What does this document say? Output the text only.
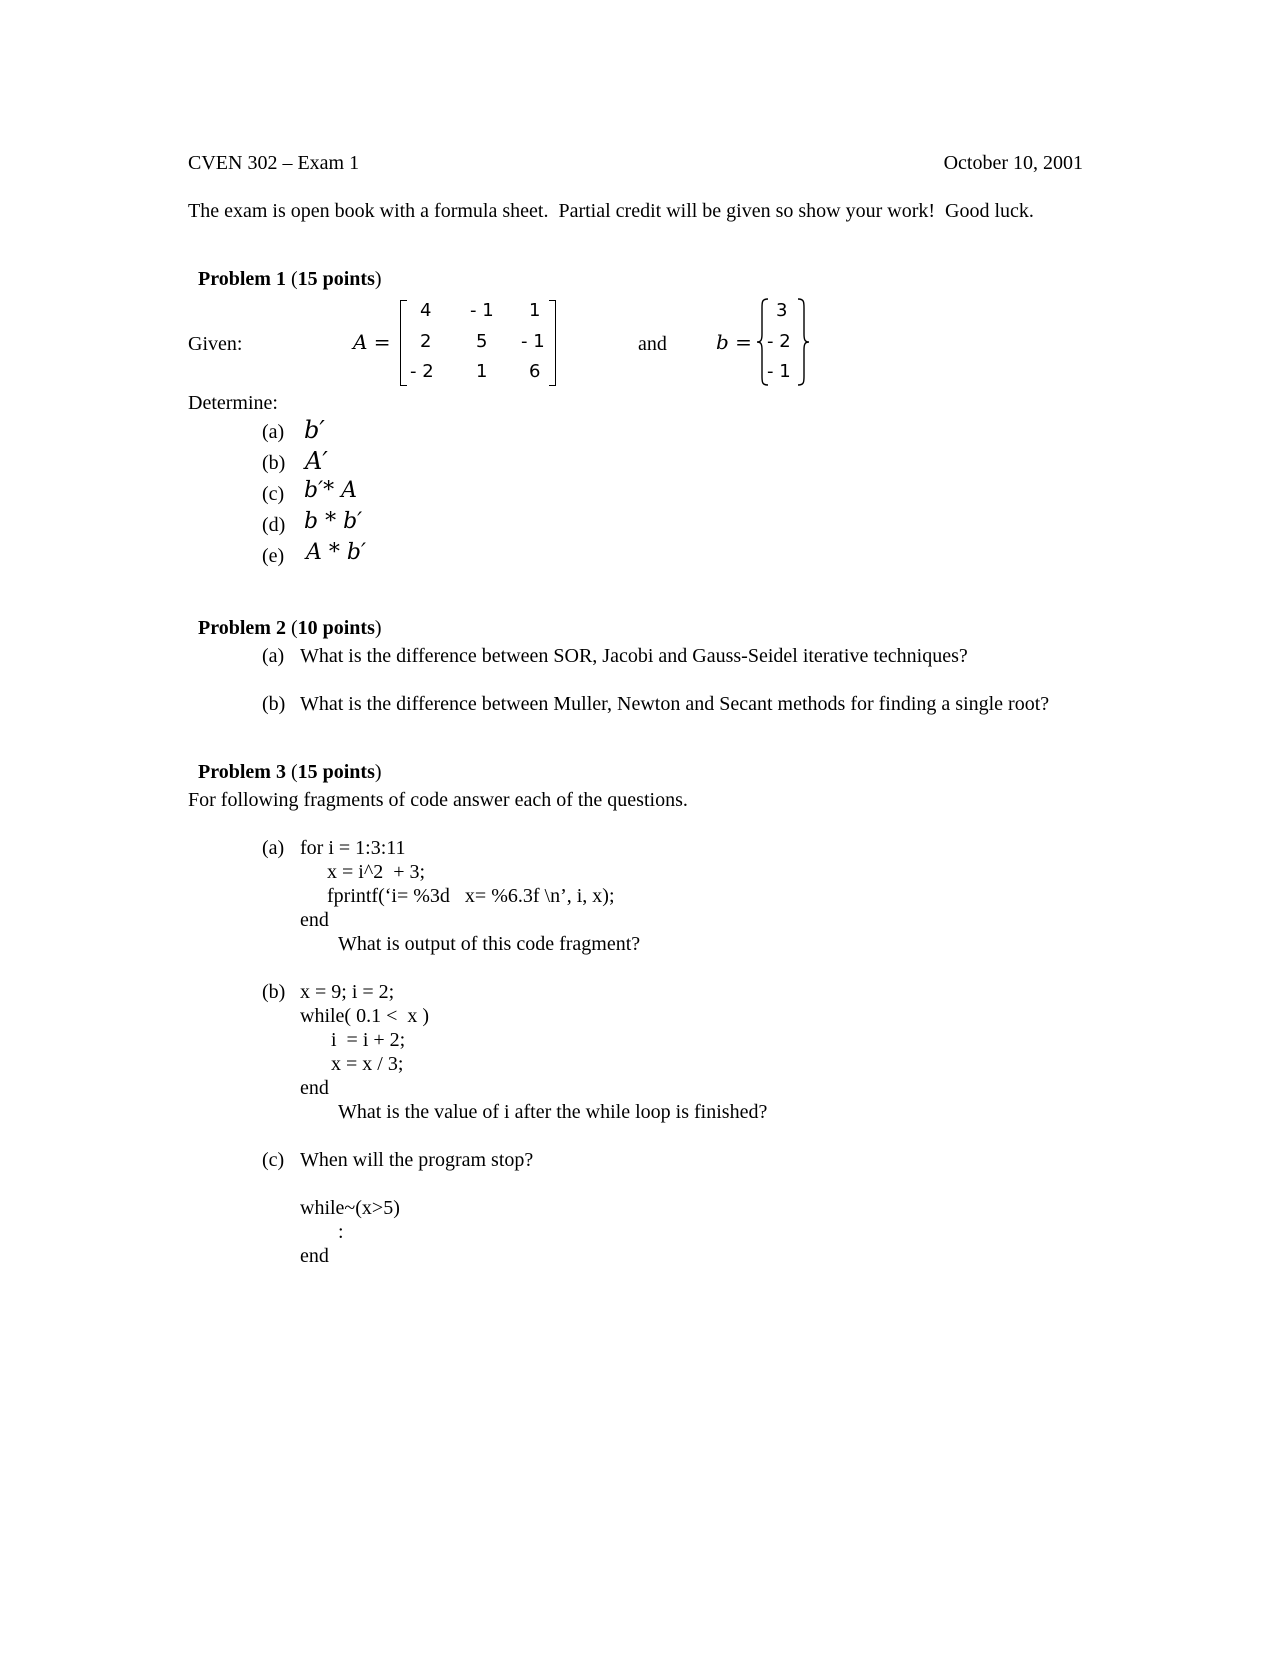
CVEN 302 – Exam 1	October 10, 2001
The exam is open book with a formula sheet.  Partial credit will be given so show your work!  Good luck.

Problem 1 (15 points)

Given:	A =
4 - 1 1
2 5 - 1
- 2 1 6
and b =
3
- 2
- 1
Determine:
(a) b′
(b) A′
(c) b′* A
(d) b * b′
(e) A * b′

Problem 2 (10 points)

(a) What is the difference between SOR, Jacobi and Gauss-Seidel iterative techniques?
(b) What is the difference between Muller, Newton and Secant methods for finding a single root?

Problem 3 (15 points)

For following fragments of code answer each of the questions.
(a) for i = 1:3:11
x = i^2  + 3;
fprintf(‘i= %3d   x= %6.3f \n’, i, x);
end
What is output of this code fragment?
(b) x = 9; i = 2;
while( 0.1 <  x )
i  = i + 2;
x = x / 3;
end
What is the value of i after the while loop is finished?
(c) When will the program stop?
while~(x>5)
:
end
